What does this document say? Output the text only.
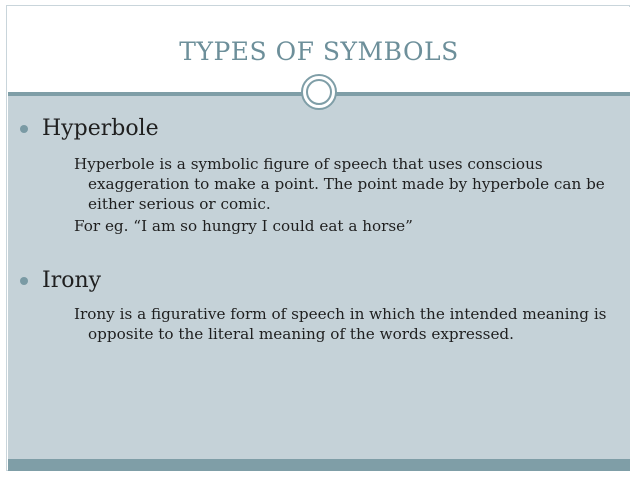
TYPES OF SYMBOLS
Hyperbole

Hyperbole is a symbolic figure of speech that uses conscious exaggeration to make a point. The point made by hyperbole can be either serious or comic.

For eg. “I am so hungry I could eat a horse”

Irony

Irony is a figurative form of speech in which the intended meaning is opposite to the literal meaning of the words expressed.
